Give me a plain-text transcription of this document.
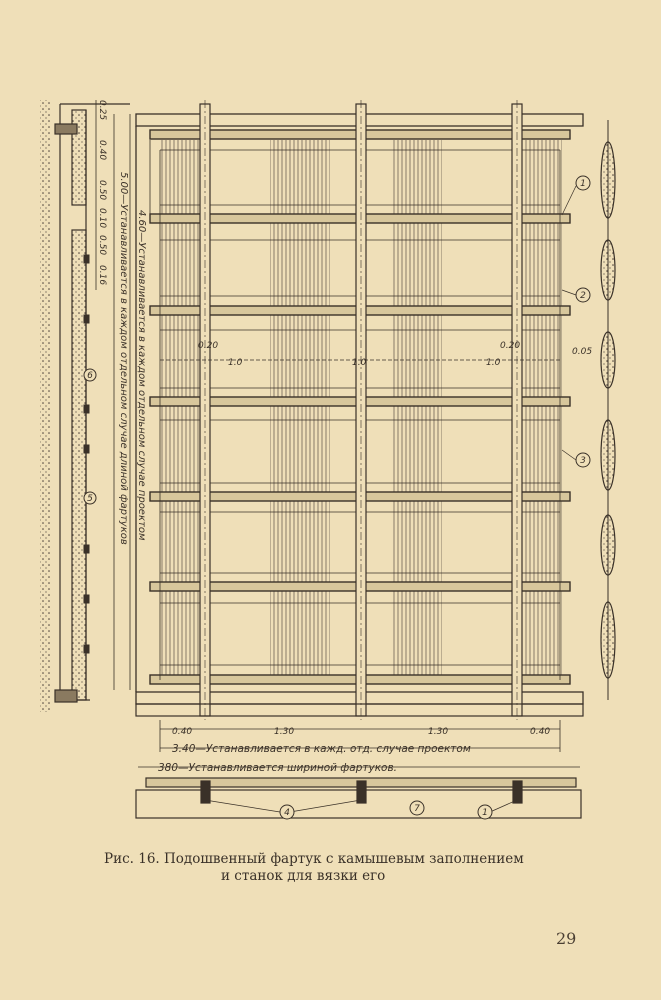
1
2
3
4
5
6
7	1
0.25
0.40
0.50
0.10
0.50
0.16	4.60—Устанавливается в каждом отдельном случае проектом
5.00—Устанавливается в каждом отдельном случае длиной фартуков	0.20	0.20
1.0	1.0	1.0
0.05
0.40	1.30	1.30	0.40
3.40—Устанавливается в кажд. отд. случае проектом
380—Устанавливается шириной фартуков.

Рис. 16. Подошвенный фартук с камышевым заполнением
и станок для вязки его

29
